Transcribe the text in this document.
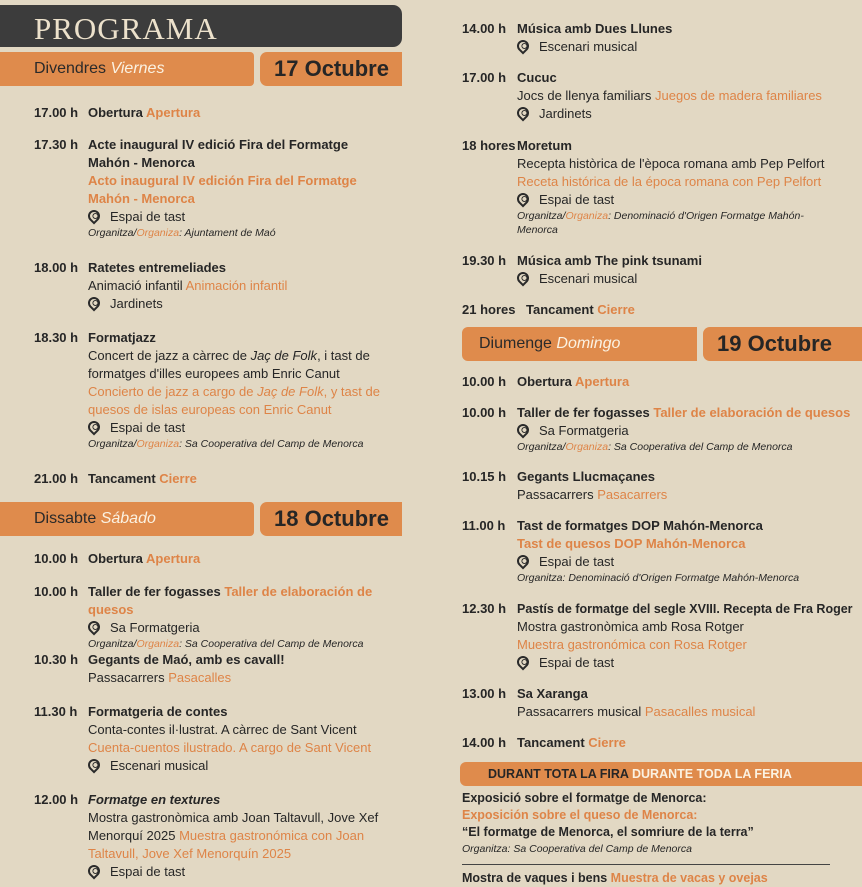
PROGRAMA
Divendres Viernes	17 Octubre
17.00 h Obertura Apertura
17.30 h Acte inaugural IV edició Fira del Formatge Mahón - Menorca
Acto inaugural IV edición Fira del Formatge Mahón - Menorca
Espai de tast
Organitza/Organiza: Ajuntament de Maó
18.00 h Ratetes entremeliades
Animació infantil Animación infantil
Jardinets
18.30 h Formatjazz
Concert de jazz a càrrec de Jaç de Folk, i tast de formatges d'illes europees amb Enric Canut
Concierto de jazz a cargo de Jaç de Folk, y tast de quesos de islas europeas con Enric Canut
Espai de tast
Organitza/Organiza: Sa Cooperativa del Camp de Menorca
21.00 h Tancament Cierre
Dissabte Sábado	18 Octubre
10.00 h Obertura Apertura
10.00 h Taller de fer fogasses Taller de elaboración de quesos
Sa Formatgeria
Organitza/Organiza: Sa Cooperativa del Camp de Menorca
10.30 h Gegants de Maó, amb es cavall!
Passacarrers Pasacalles
11.30 h Formatgeria de contes
Conta-contes il·lustrat. A càrrec de Sant Vicent
Cuenta-cuentos ilustrado. A cargo de Sant Vicent
Escenari musical
12.00 h Formatge en textures
Mostra gastronòmica amb Joan Taltavull, Jove Xef Menorquí 2025 Muestra gastronómica con Joan Taltavull, Jove Xef Menorquín 2025
Espai de tast
14.00 h Música amb Dues Llunes
Escenari musical
17.00 h Cucuc
Jocs de llenya familiars Juegos de madera familiares
Jardinets
18 hores Moretum
Recepta històrica de l'època romana amb Pep Pelfort
Receta histórica de la época romana con Pep Pelfort
Espai de tast
Organitza/Organiza: Denominació d'Origen Formatge Mahón-Menorca
19.30 h Música amb The pink tsunami
Escenari musical
21 hores Tancament Cierre
Diumenge Domingo	19 Octubre
10.00 h Obertura Apertura
10.00 h Taller de fer fogasses Taller de elaboración de quesos
Sa Formatgeria
Organitza/Organiza: Sa Cooperativa del Camp de Menorca
10.15 h Gegants Llucmaçanes
Passacarrers Pasacarrers
11.00 h Tast de formatges DOP Mahón-Menorca
Tast de quesos DOP Mahón-Menorca
Espai de tast
Organitza: Denominació d'Origen Formatge Mahón-Menorca
12.30 h Pastís de formatge del segle XVIII. Recepta de Fra Roger
Mostra gastronòmica amb Rosa Rotger
Muestra gastronómica con Rosa Rotger
Espai de tast
13.00 h Sa Xaranga
Passacarrers musical Pasacalles musical
14.00 h Tancament Cierre
DURANT TOTA LA FIRA DURANTE TODA LA FERIA
Exposició sobre el formatge de Menorca:
Exposición sobre el queso de Menorca:
“El formatge de Menorca, el somriure de la terra”
Organitza: Sa Cooperativa del Camp de Menorca
Mostra de vaques i bens Muestra de vacas y ovejas
